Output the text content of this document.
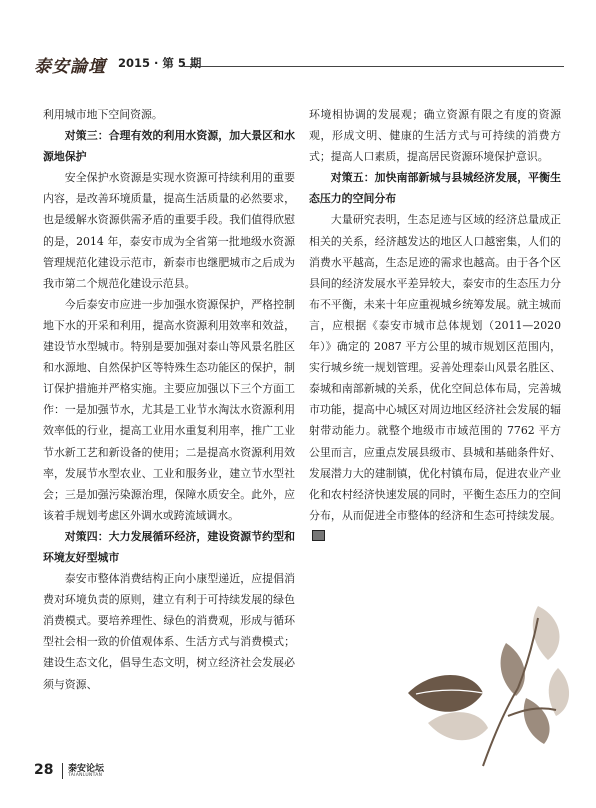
泰安論壇 2015 · 第 5 期

利用城市地下空间资源。

对策三：合理有效的利用水资源，加大景区和水源地保护

安全保护水资源是实现水资源可持续利用的重要内容，是改善环境质量，提高生活质量的必然要求，也是缓解水资源供需矛盾的重要手段。我们值得欣慰的是，2014 年，泰安市成为全省第一批地级水资源管理规范化建设示范市，新泰市也继肥城市之后成为我市第二个规范化建设示范县。

今后泰安市应进一步加强水资源保护，严格控制地下水的开采和利用，提高水资源利用效率和效益，建设节水型城市。特别是要加强对泰山等风景名胜区和水源地、自然保护区等特殊生态功能区的保护，制订保护措施并严格实施。主要应加强以下三个方面工作：一是加强节水，尤其是工业节水淘汰水资源利用效率低的行业，提高工业用水重复利用率，推广工业节水新工艺和新设备的使用；二是提高水资源利用效率，发展节水型农业、工业和服务业，建立节水型社会；三是加强污染源治理，保障水质安全。此外，应该着手规划考虑区外调水或跨流域调水。

对策四：大力发展循环经济，建设资源节约型和环境友好型城市

泰安市整体消费结构正向小康型递近，应提倡消费对环境负责的原则，建立有利于可持续发展的绿色消费模式。要培养理性、绿色的消费观，形成与循环型社会相一致的价值观体系、生活方式与消费模式；建设生态文化，倡导生态文明，树立经济社会发展必须与资源、

环境相协调的发展观；确立资源有限之有度的资源观，形成文明、健康的生活方式与可持续的消费方式；提高人口素质，提高居民资源环境保护意识。

对策五：加快南部新城与县城经济发展，平衡生态压力的空间分布

大量研究表明，生态足迹与区域的经济总量成正相关的关系，经济越发达的地区人口越密集，人们的消费水平越高，生态足迹的需求也越高。由于各个区县间的经济发展水平差异较大，泰安市的生态压力分布不平衡，未来十年应重视城乡统筹发展。就主城而言，应根据《泰安市城市总体规划（2011—2020 年）》确定的 2087 平方公里的城市规划区范围内，实行城乡统一规划管理。妥善处理泰山风景名胜区、泰城和南部新城的关系，优化空间总体布局，完善城市功能，提高中心城区对周边地区经济社会发展的辐射带动能力。就整个地级市市域范围的 7762 平方公里而言，应重点发展县级市、县城和基础条件好、发展潜力大的建制镇，优化村镇布局，促进农业产业化和农村经济快速发展的同时，平衡生态压力的空间分布，从而促进全市整体的经济和生态可持续发展。

28 泰安论坛
TAIANLUNTAN
